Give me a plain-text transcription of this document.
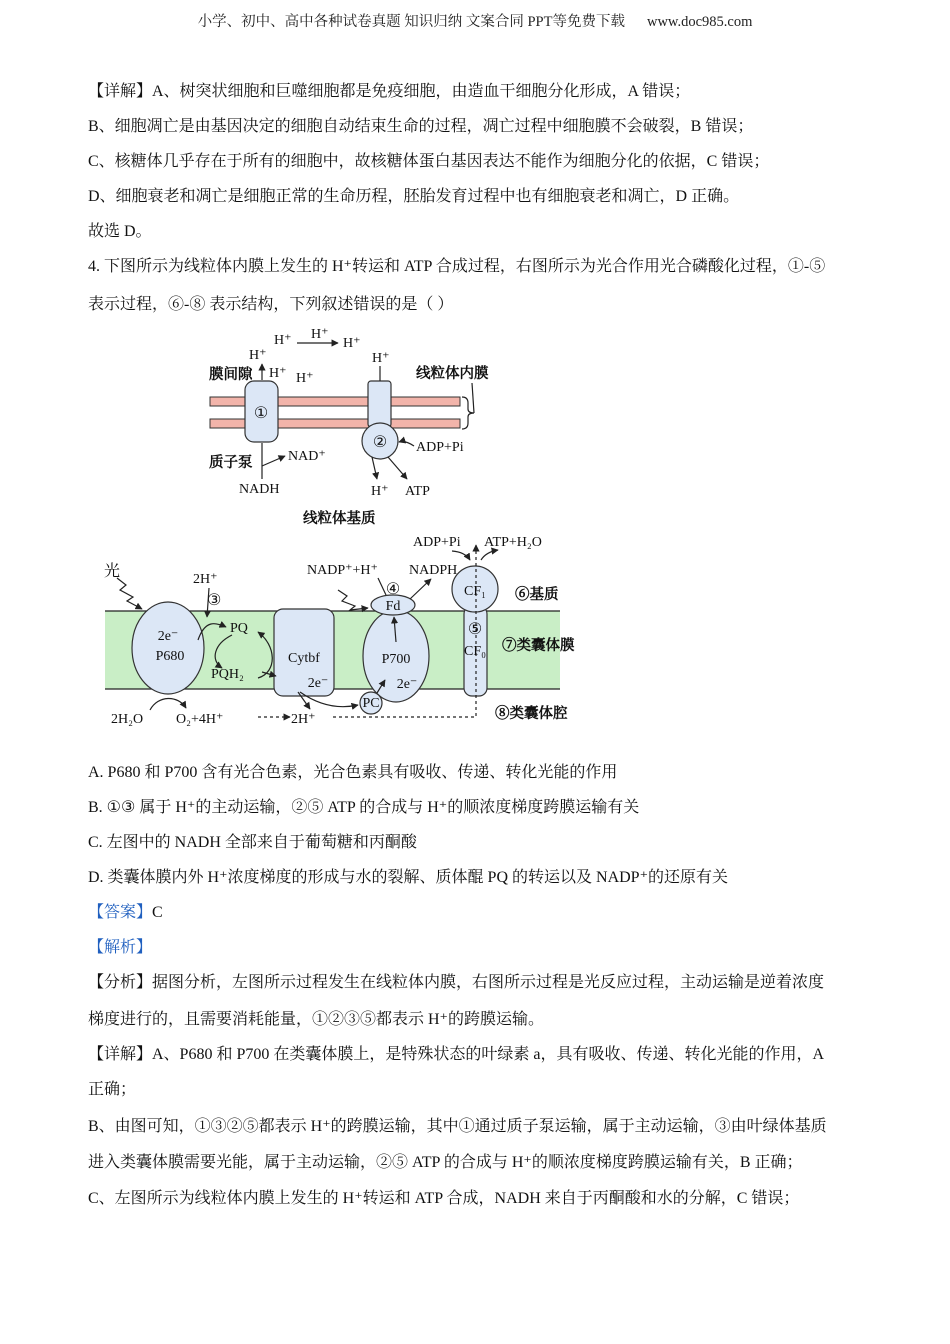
小学、初中、高中各种试卷真题 知识归纳 文案合同 PPT等免费下载 www.doc985.com
【详解】A、树突状细胞和巨噬细胞都是免疫细胞，由造血干细胞分化形成，A 错误；
B、细胞凋亡是由基因决定的细胞自动结束生命的过程，凋亡过程中细胞膜不会破裂，B 错误；
C、核糖体几乎存在于所有的细胞中，故核糖体蛋白基因表达不能作为细胞分化的依据，C 错误；
D、细胞衰老和凋亡是细胞正常的生命历程，胚胎发育过程中也有细胞衰老和凋亡，D 正确。
故选 D。
4. 下图所示为线粒体内膜上发生的 H⁺转运和 ATP 合成过程，右图所示为光合作用光合磷酸化过程，①-⑤
表示过程，⑥-⑧ 表示结构，下列叙述错误的是（ ）
H⁺ H⁺
H⁺
H⁺	H⁺
H⁺ H⁺
H⁺
膜间隙	线粒体内膜
①
② ADP+Pi
质子泵	NAD⁺
NADH	ATP
线粒体基质
光	2H⁺
③
2e⁻
P680
PQ
PQH₂
Cytbf
2e⁻
P700
2e⁻
Fd
NADP⁺+H⁺
④
NADPH
ADP+Pi ATP+H₂O
CF₁
⑤
CF₀
⑥基质
⑦类囊体膜
⑧类囊体腔
PC
2H₂O O₂+4H⁺	2H⁺
A. P680 和 P700 含有光合色素，光合色素具有吸收、传递、转化光能的作用
B. ①③ 属于 H⁺的主动运输，②⑤ ATP 的合成与 H⁺的顺浓度梯度跨膜运输有关
C. 左图中的 NADH 全部来自于葡萄糖和丙酮酸
D. 类囊体膜内外 H⁺浓度梯度的形成与水的裂解、质体醌 PQ 的转运以及 NADP⁺的还原有关
【答案】C
【解析】
【分析】据图分析，左图所示过程发生在线粒体内膜，右图所示过程是光反应过程，主动运输是逆着浓度
梯度进行的，且需要消耗能量，①②③⑤都表示 H⁺的跨膜运输。
【详解】A、P680 和 P700 在类囊体膜上，是特殊状态的叶绿素 a，具有吸收、传递、转化光能的作用，A
正确；
B、由图可知，①③②⑤都表示 H⁺的跨膜运输，其中①通过质子泵运输，属于主动运输，③由叶绿体基质
进入类囊体膜需要光能，属于主动运输，②⑤ ATP 的合成与 H⁺的顺浓度梯度跨膜运输有关，B 正确；
C、左图所示为线粒体内膜上发生的 H⁺转运和 ATP 合成，NADH 来自于丙酮酸和水的分解，C 错误；
